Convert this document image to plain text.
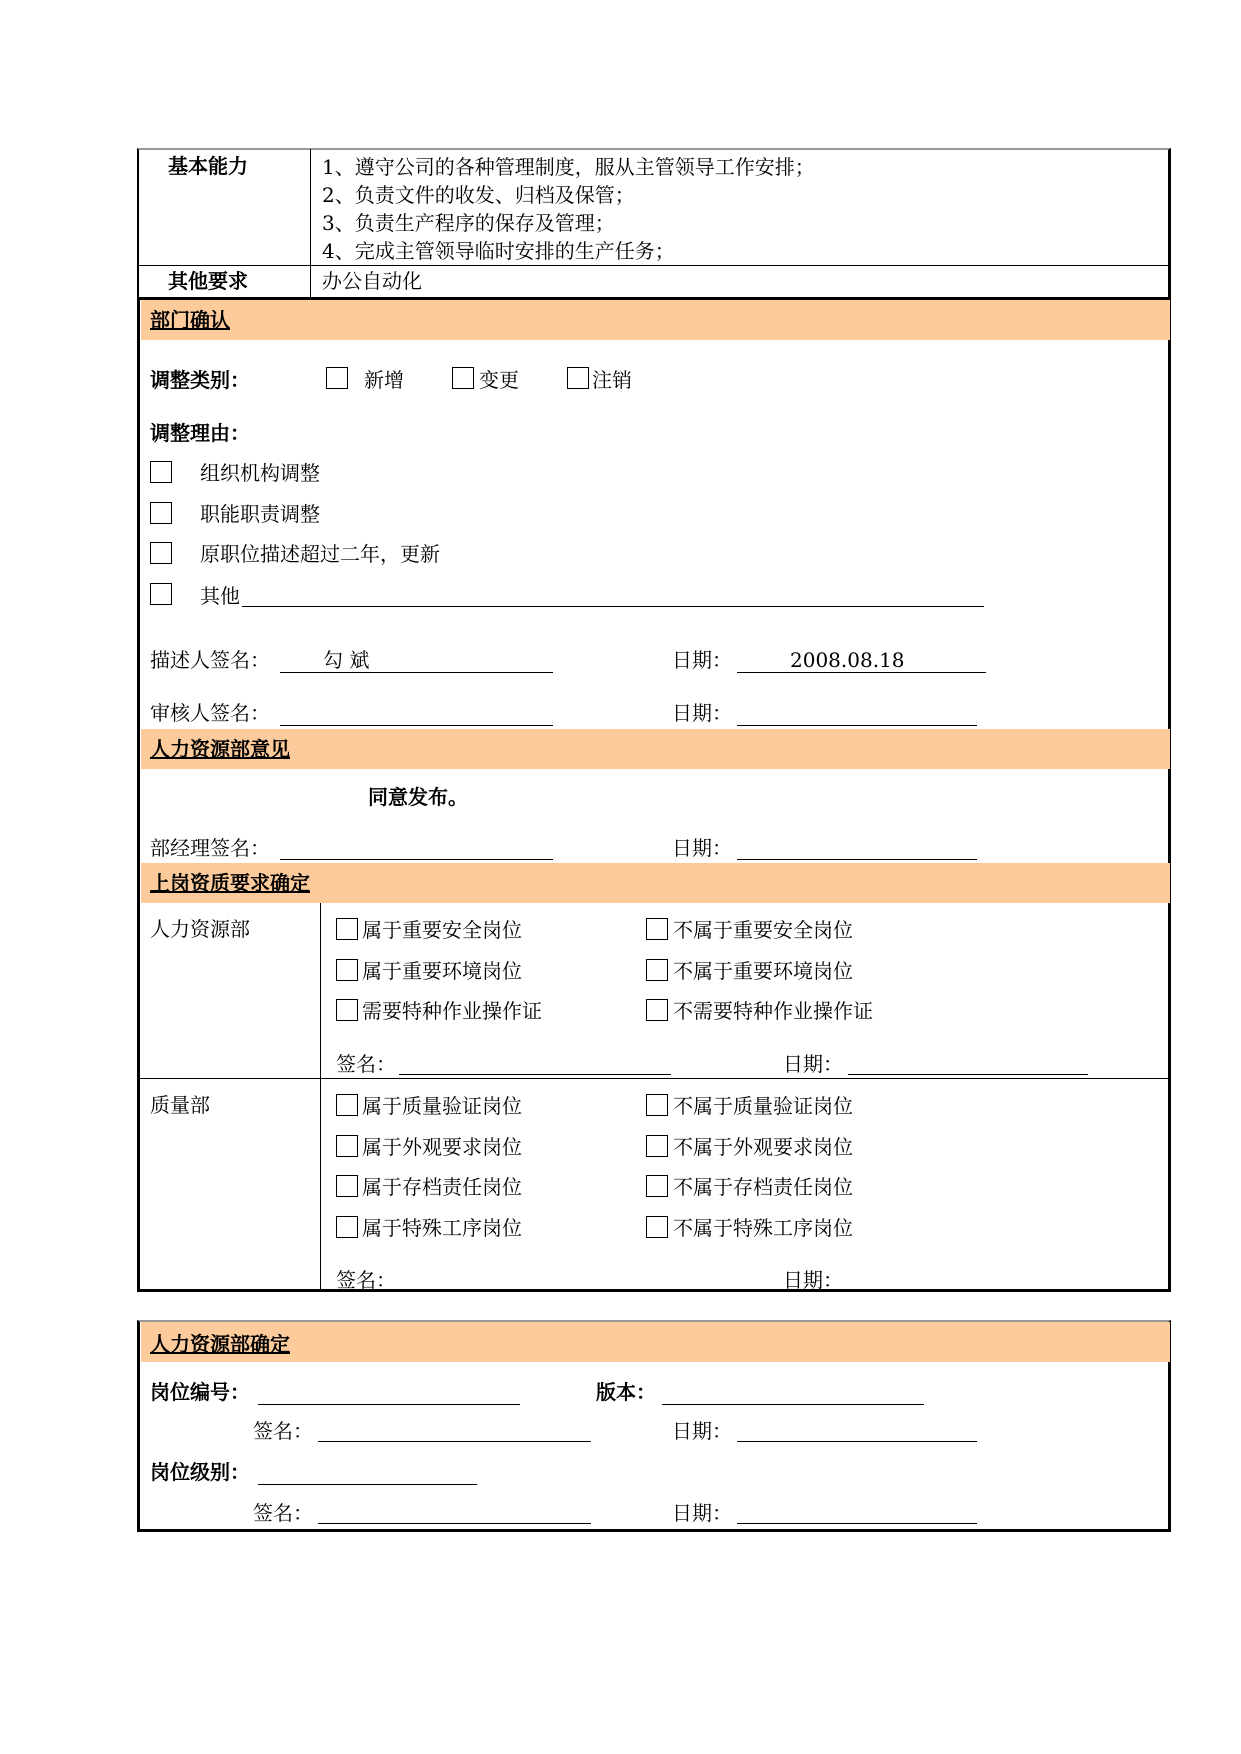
基本能力	1、遵守公司的各种管理制度，服从主管领导工作安排；
2、负责文件的收发、归档及保管；
3、负责生产程序的保存及管理；
4、完成主管领导临时安排的生产任务；
其他要求	办公自动化
部门确认
调整类别：	新增	变更	注销
调整理由：
组织机构调整
职能职责调整
原职位描述超过二年，更新
其他
描述人签名：	勾 斌	日期：	2008.08.18
审核人签名：	日期：
人力资源部意见
同意发布。
部经理签名：	日期：
上岗资质要求确定
人力资源部	属于重要安全岗位	不属于重要安全岗位
属于重要环境岗位	不属于重要环境岗位
需要特种作业操作证	不需要特种作业操作证
签名：	日期：
质量部	属于质量验证岗位	不属于质量验证岗位
属于外观要求岗位	不属于外观要求岗位
属于存档责任岗位	不属于存档责任岗位
属于特殊工序岗位	不属于特殊工序岗位
签名：	日期：
人力资源部确定
岗位编号：	版本：
签名：	日期：
岗位级别：
签名：	日期：
